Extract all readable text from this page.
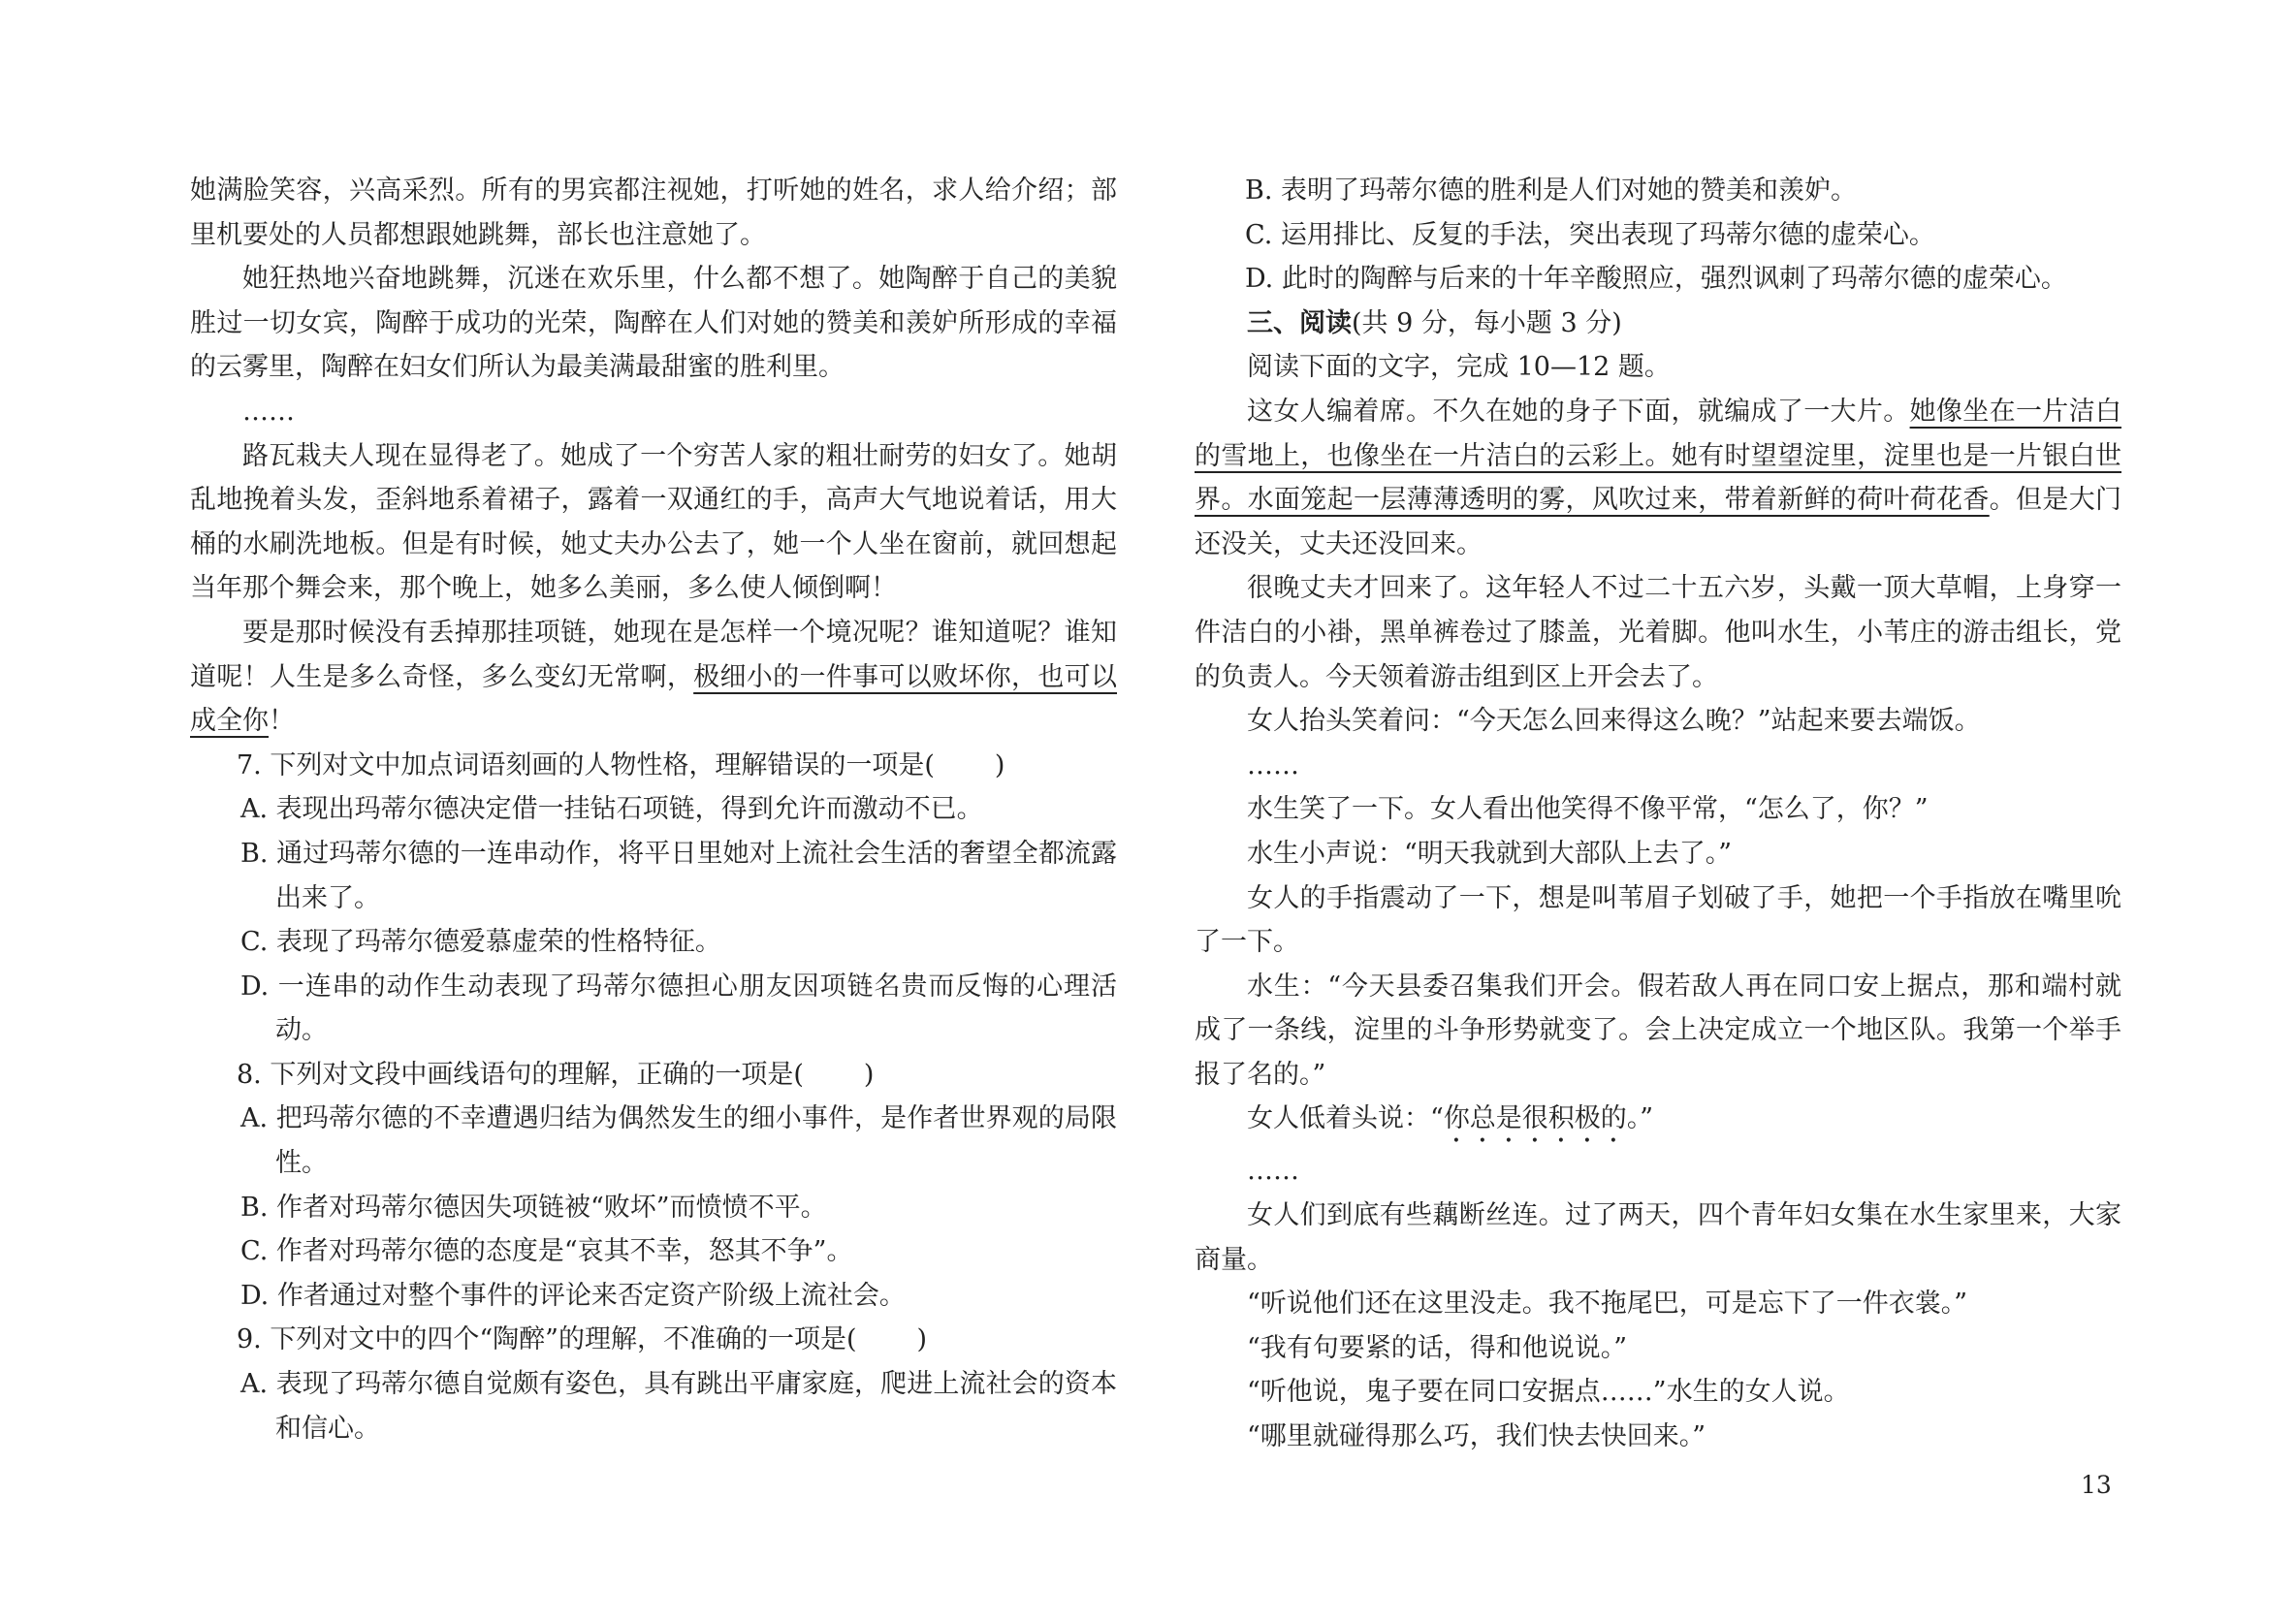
她满脸笑容，兴高采烈。所有的男宾都注视她，打听她的姓名，求人给介绍；部里机要处的人员都想跟她跳舞，部长也注意她了。

她狂热地兴奋地跳舞，沉迷在欢乐里，什么都不想了。她陶醉于自己的美貌胜过一切女宾，陶醉于成功的光荣，陶醉在人们对她的赞美和羡妒所形成的幸福的云雾里，陶醉在妇女们所认为最美满最甜蜜的胜利里。

……

路瓦栽夫人现在显得老了。她成了一个穷苦人家的粗壮耐劳的妇女了。她胡乱地挽着头发，歪斜地系着裙子，露着一双通红的手，高声大气地说着话，用大桶的水刷洗地板。但是有时候，她丈夫办公去了，她一个人坐在窗前，就回想起当年那个舞会来，那个晚上，她多么美丽，多么使人倾倒啊！

要是那时候没有丢掉那挂项链，她现在是怎样一个境况呢？谁知道呢？谁知道呢！人生是多么奇怪，多么变幻无常啊，极细小的一件事可以败坏你，也可以成全你！

7. 下列对文中加点词语刻画的人物性格，理解错误的一项是( )

A. 表现出玛蒂尔德决定借一挂钻石项链，得到允许而激动不已。

B. 通过玛蒂尔德的一连串动作，将平日里她对上流社会生活的奢望全都流露出来了。

C. 表现了玛蒂尔德爱慕虚荣的性格特征。

D. 一连串的动作生动表现了玛蒂尔德担心朋友因项链名贵而反悔的心理活动。

8. 下列对文段中画线语句的理解，正确的一项是( )

A. 把玛蒂尔德的不幸遭遇归结为偶然发生的细小事件，是作者世界观的局限性。

B. 作者对玛蒂尔德因失项链被“败坏”而愤愤不平。

C. 作者对玛蒂尔德的态度是“哀其不幸，怒其不争”。

D. 作者通过对整个事件的评论来否定资产阶级上流社会。

9. 下列对文中的四个“陶醉”的理解，不准确的一项是( )

A. 表现了玛蒂尔德自觉颇有姿色，具有跳出平庸家庭，爬进上流社会的资本和信心。

B. 表明了玛蒂尔德的胜利是人们对她的赞美和羡妒。

C. 运用排比、反复的手法，突出表现了玛蒂尔德的虚荣心。

D. 此时的陶醉与后来的十年辛酸照应，强烈讽刺了玛蒂尔德的虚荣心。

三、阅读(共 9 分，每小题 3 分)

阅读下面的文字，完成 10—12 题。

这女人编着席。不久在她的身子下面，就编成了一大片。她像坐在一片洁白的雪地上，也像坐在一片洁白的云彩上。她有时望望淀里，淀里也是一片银白世界。水面笼起一层薄薄透明的雾，风吹过来，带着新鲜的荷叶荷花香。但是大门还没关，丈夫还没回来。

很晚丈夫才回来了。这年轻人不过二十五六岁，头戴一顶大草帽，上身穿一件洁白的小褂，黑单裤卷过了膝盖，光着脚。他叫水生，小苇庄的游击组长，党的负责人。今天领着游击组到区上开会去了。

女人抬头笑着问：“今天怎么回来得这么晚？”站起来要去端饭。

……

水生笑了一下。女人看出他笑得不像平常，“怎么了，你？”

水生小声说：“明天我就到大部队上去了。”

女人的手指震动了一下，想是叫苇眉子划破了手，她把一个手指放在嘴里吮了一下。

水生：“今天县委召集我们开会。假若敌人再在同口安上据点，那和端村就成了一条线，淀里的斗争形势就变了。会上决定成立一个地区队。我第一个举手报了名的。”

女人低着头说：“你总是很积极的。”

……

女人们到底有些藕断丝连。过了两天，四个青年妇女集在水生家里来，大家商量。

“听说他们还在这里没走。我不拖尾巴，可是忘下了一件衣裳。”

“我有句要紧的话，得和他说说。”

“听他说，鬼子要在同口安据点……”水生的女人说。

“哪里就碰得那么巧，我们快去快回来。”

13
